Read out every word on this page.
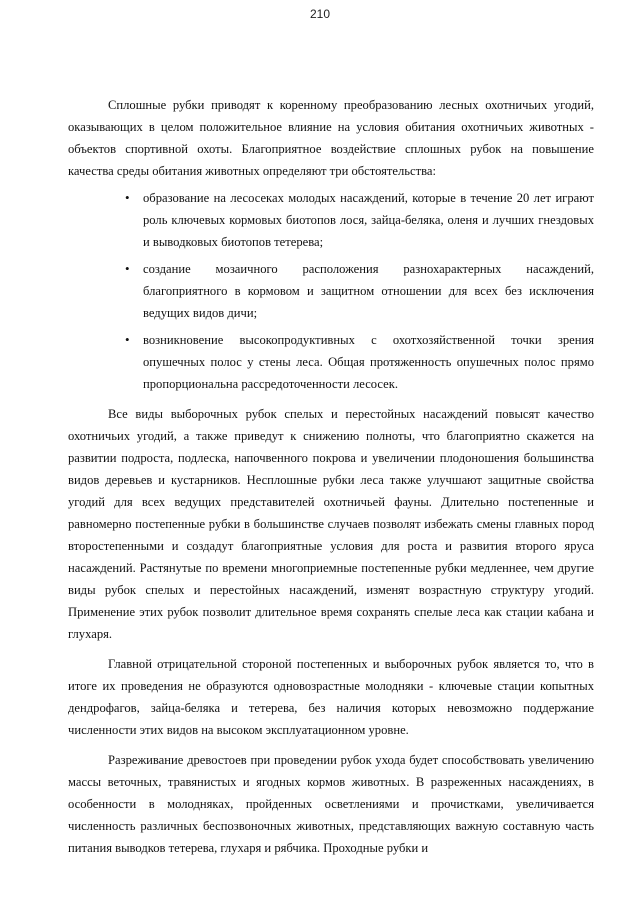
210

Сплошные рубки приводят к коренному преобразованию лесных охотничьих угодий, оказывающих в целом положительное влияние на условия обитания охотничьих животных - объектов спортивной охоты. Благоприятное воздействие сплошных рубок на повышение качества среды обитания животных определяют три обстоятельства:

• образование на лесосеках молодых насаждений, которые в течение 20 лет играют роль ключевых кормовых биотопов лося, зайца-беляка, оленя и лучших гнездовых и выводковых биотопов тетерева;
• создание мозаичного расположения разнохарактерных насаждений, благоприятного в кормовом и защитном отношении для всех без исключения ведущих видов дичи;
• возникновение высокопродуктивных с охотхозяйственной точки зрения опушечных полос у стены леса. Общая протяженность опушечных полос прямо пропорциональна рассредоточенности лесосек.

Все виды выборочных рубок спелых и перестойных насаждений повысят качество охотничьих угодий, а также приведут к снижению полноты, что благоприятно скажется на развитии подроста, подлеска, напочвенного покрова и увеличении плодоношения большинства видов деревьев и кустарников. Несплошные рубки леса также улучшают защитные свойства угодий для всех ведущих представителей охотничьей фауны. Длительно постепенные и равномерно постепенные рубки в большинстве случаев позволят избежать смены главных пород второстепенными и создадут благоприятные условия для роста и развития второго яруса насаждений. Растянутые по времени многоприемные постепенные рубки медленнее, чем другие виды рубок спелых и перестойных насаждений, изменят возрастную структуру угодий. Применение этих рубок позволит длительное время сохранять спелые леса как стации кабана и глухаря.

Главной отрицательной стороной постепенных и выборочных рубок является то, что в итоге их проведения не образуются одновозрастные молодняки - ключевые стации копытных дендрофагов, зайца-беляка и тетерева, без наличия которых невозможно поддержание численности этих видов на высоком эксплуатационном уровне.

Разреживание древостоев при проведении рубок ухода будет способствовать увеличению массы веточных, травянистых и ягодных кормов животных. В разреженных насаждениях, в особенности в молодняках, пройденных осветлениями и прочистками, увеличивается численность различных беспозвоночных животных, представляющих важную составную часть питания выводков тетерева, глухаря и рябчика. Проходные рубки и
